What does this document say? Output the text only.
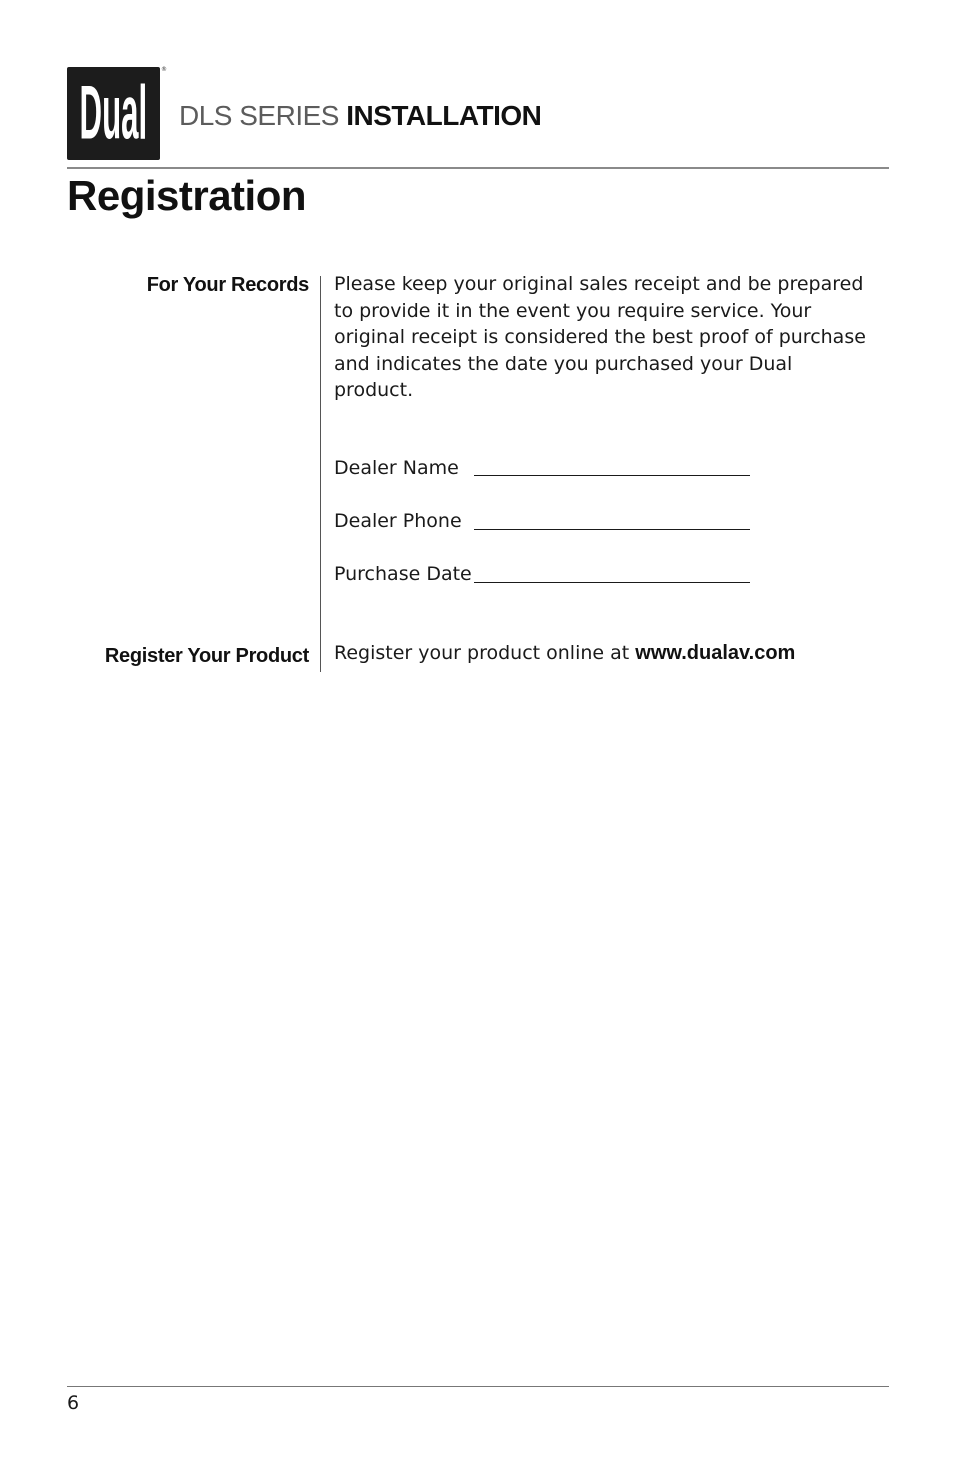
Dual
®
DLS SERIES INSTALLATION
Registration
For Your Records Please keep your original sales receipt and be prepared to provide it in the event you require service. Your original receipt is considered the best proof of purchase and indicates the date you purchased your Dual product.
Dealer Name
Dealer Phone
Purchase Date
Register Your Product Register your product online at www.dualav.com
6
